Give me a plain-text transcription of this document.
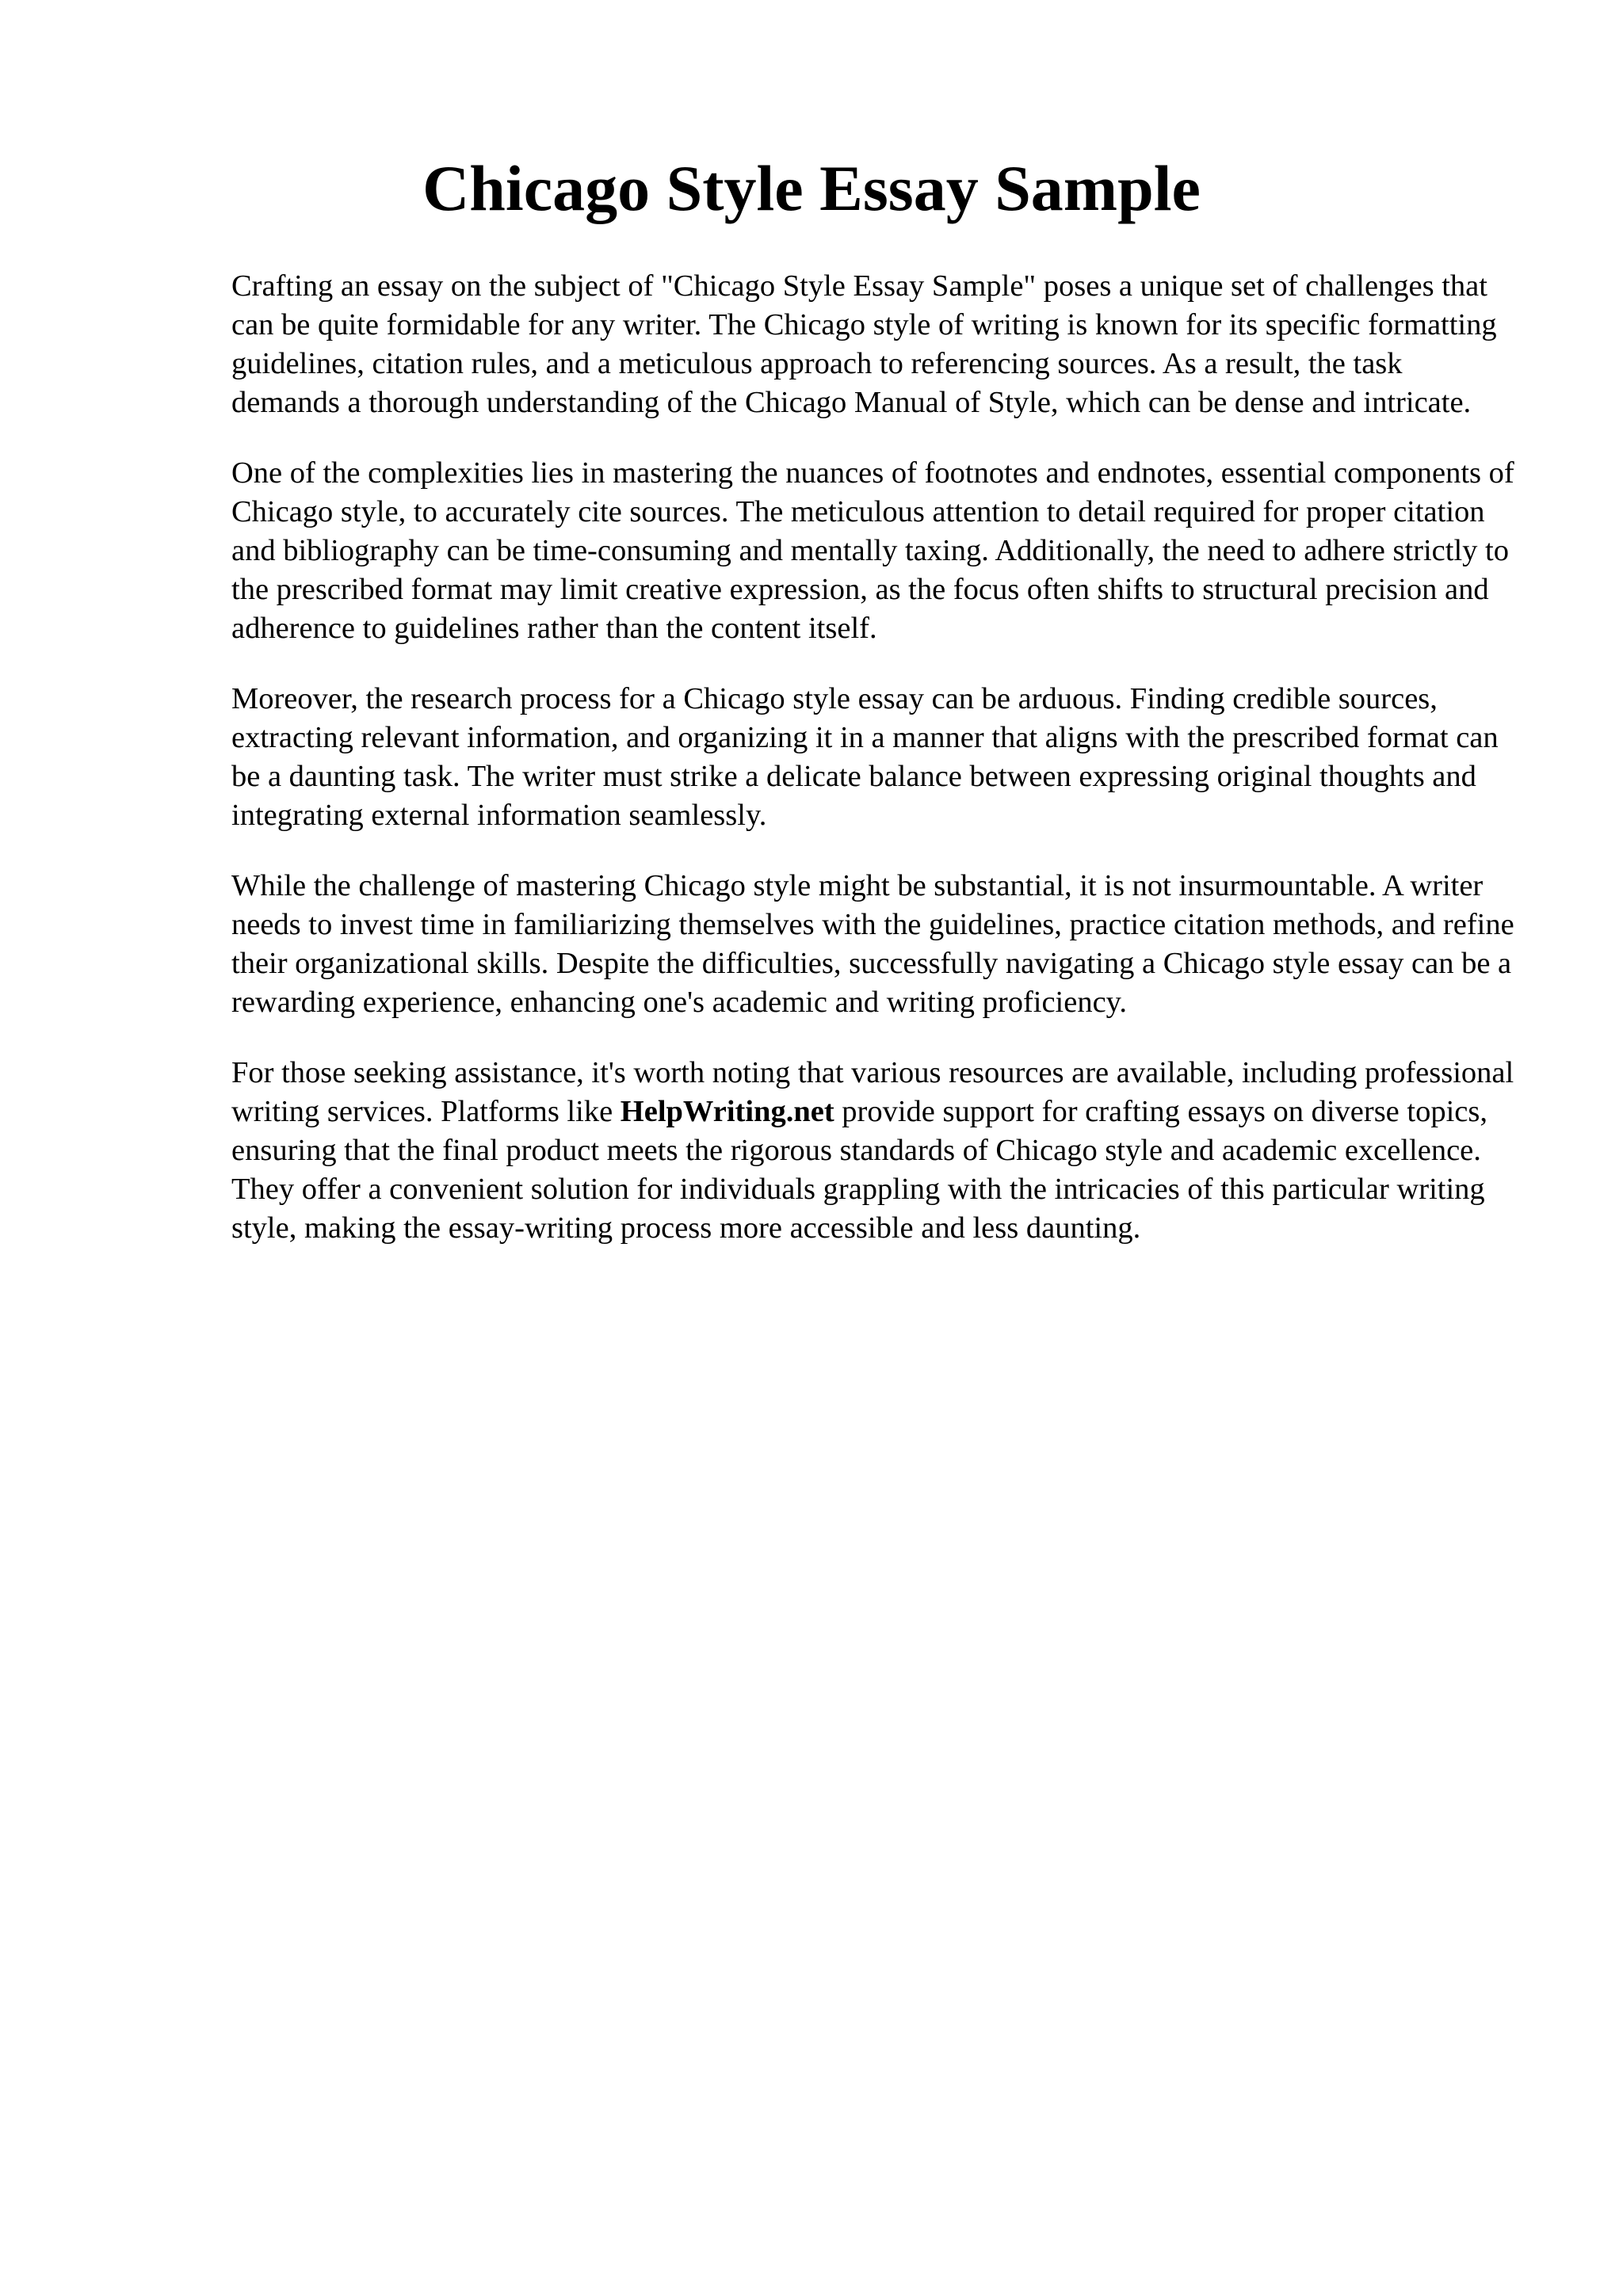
Chicago Style Essay Sample

Crafting an essay on the subject of "Chicago Style Essay Sample" poses a unique set of challenges that can be quite formidable for any writer. The Chicago style of writing is known for its specific formatting guidelines, citation rules, and a meticulous approach to referencing sources. As a result, the task demands a thorough understanding of the Chicago Manual of Style, which can be dense and intricate.

One of the complexities lies in mastering the nuances of footnotes and endnotes, essential components of Chicago style, to accurately cite sources. The meticulous attention to detail required for proper citation and bibliography can be time-consuming and mentally taxing. Additionally, the need to adhere strictly to the prescribed format may limit creative expression, as the focus often shifts to structural precision and adherence to guidelines rather than the content itself.

Moreover, the research process for a Chicago style essay can be arduous. Finding credible sources, extracting relevant information, and organizing it in a manner that aligns with the prescribed format can be a daunting task. The writer must strike a delicate balance between expressing original thoughts and integrating external information seamlessly.

While the challenge of mastering Chicago style might be substantial, it is not insurmountable. A writer needs to invest time in familiarizing themselves with the guidelines, practice citation methods, and refine their organizational skills. Despite the difficulties, successfully navigating a Chicago style essay can be a rewarding experience, enhancing one's academic and writing proficiency.

For those seeking assistance, it's worth noting that various resources are available, including professional writing services. Platforms like HelpWriting.net provide support for crafting essays on diverse topics, ensuring that the final product meets the rigorous standards of Chicago style and academic excellence. They offer a convenient solution for individuals grappling with the intricacies of this particular writing style, making the essay-writing process more accessible and less daunting.
